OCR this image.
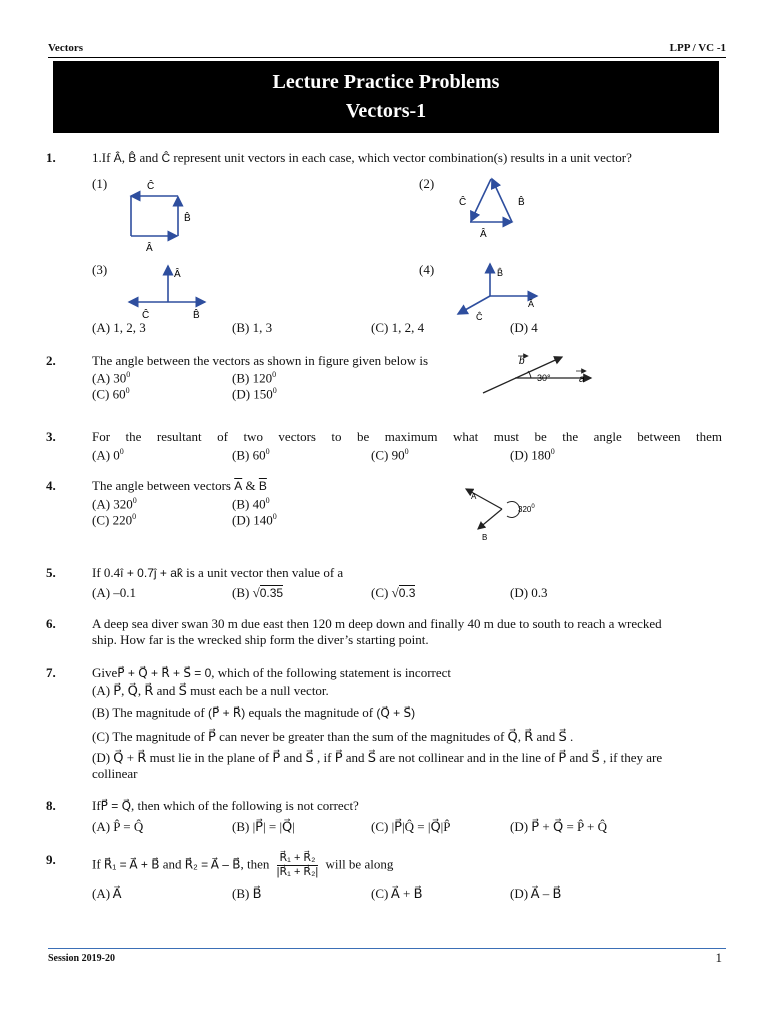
Vectors	LPP / VC -1
Lecture Practice Problems
Vectors-1
1.	1.If Â, B̂ and Ĉ represent unit vectors in each case, which vector combination(s) results in a unit vector?
(1)	(2)
(3)	(4)
Ĉ
B̂
Â
Ĉ	B̂
Â
Â
Ĉ	B̂
B̂
Â
Ĉ
b
30°	a
A
B
$320^0$
(A) 1, 2, 3	(B) 1, 3	(C) 1, 2, 4	(D) 4
2.	The angle between the vectors as shown in figure given below is
(A) $30^0$	(B) $120^0$
(C) $60^0$	(D) $150^0$
3.	For the resultant of two vectors to be maximum what must be the angle between them
(A) $0^0$	(B) $60^0$	(C) $90^0$	(D) $180^0$
4.	The angle between vectors $\overline{A}$ & $\overline{B}$
(A) $320^0$	(B) $40^0$
(C) $220^0$	(D) $140^0$
5.	If 0.4î + 0.7ĵ + ak̂ is a unit vector then value of a
(A) –0.1	(B) √0.35	(C) √0.3	(D) 0.3
6.	A deep sea diver swan 30 m due east then 120 m deep down and finally 40 m due to south to reach a wrecked
ship. How far is the wrecked ship form the diver’s starting point.
7.	GiveP⃗ + Q⃗ + R⃗ + S⃗ = 0, which of the following statement is incorrect
(A) P⃗, Q⃗, R⃗ and S⃗ must each be a null vector.
(B) The magnitude of (P⃗ + R⃗) equals the magnitude of (Q⃗ + S⃗)
(C) The magnitude of P⃗ can never be greater than the sum of the magnitudes of Q⃗, R⃗ and S⃗ .
(D) Q⃗ + R⃗ must lie in the plane of P⃗ and S⃗ , if P⃗ and S⃗ are not collinear and in the line of P⃗ and S⃗ , if they are
collinear
8.	IfP⃗ = Q⃗, then which of the following is not correct?
(A) P̂ = Q̂	(B) |P⃗| = |Q⃗|	(C) |P⃗|Q̂ = |Q⃗|P̂	(D) P⃗ + Q⃗ = P̂ + Q̂
9.	If R⃗₁ = A⃗ + B⃗ and R⃗₂ = A⃗ – B⃗, then $\frac{\text{R⃗₁ + R⃗₂}}{\text{|R⃗₁ + R⃗₂|}}$ will be along
(A) A⃗	(B) B⃗	(C) A⃗ + B⃗	(D) A⃗ – B⃗
Session 2019-20	1
